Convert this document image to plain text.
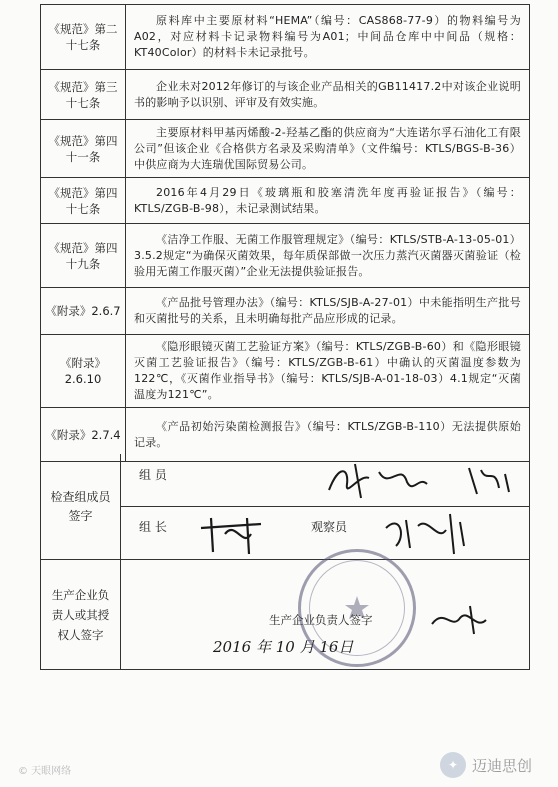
《规范》第二十七条	原料库中主要原材料“HEMA”（编号：CAS868-77-9）的物料编号为A02，对应材料卡记录物料编号为A01；中间品仓库中中间品（规格：KT40Color）的材料卡未记录批号。
《规范》第三十七条	企业未对2012年修订的与该企业产品相关的GB11417.2中对该企业说明书的影响予以识别、评审及有效实施。
《规范》第四十一条	主要原材料甲基丙烯酸-2-羟基乙酯的供应商为“大连诺尔孚石油化工有限公司”但该企业《合格供方名录及采购清单》（文件编号：KTLS/BGS-B-36）中供应商为大连瑞优国际贸易公司。
《规范》第四十七条	2016年4月29日《玻璃瓶和胶塞清洗年度再验证报告》（编号：KTLS/ZGB-B-98），未记录测试结果。
《规范》第四十九条	《洁净工作服、无菌工作服管理规定》（编号：KTLS/STB-A-13-05-01）3.5.2规定“为确保灭菌效果，每年质保部做一次压力蒸汽灭菌器灭菌验证（检验用无菌工作服灭菌）”企业无法提供验证报告。
《附录》2.6.7	《产品批号管理办法》（编号：KTLS/SJB-A-27-01）中未能指明生产批号和灭菌批号的关系，且未明确每批产品应形成的记录。
《附录》2.6.10	《隐形眼镜灭菌工艺验证方案》（编号：KTLS/ZGB-B-60）和《隐形眼镜灭菌工艺验证报告》（编号：KTLS/ZGB-B-61）中确认的灭菌温度参数为122℃，《灭菌作业指导书》（编号：KTLS/SJB-A-01-18-03）4.1规定“灭菌温度为121℃”。
《附录》2.7.4	《产品初始污染菌检测报告》（编号：KTLS/ZGB-B-110）无法提供原始记录。
检查组成员签字
组 员
组 长	观察员
生产企业负责人或其授权人签字
生产企业负责人签字
2016 年 10 月 16日
© 天眼网络	✦ 迈迪思创
